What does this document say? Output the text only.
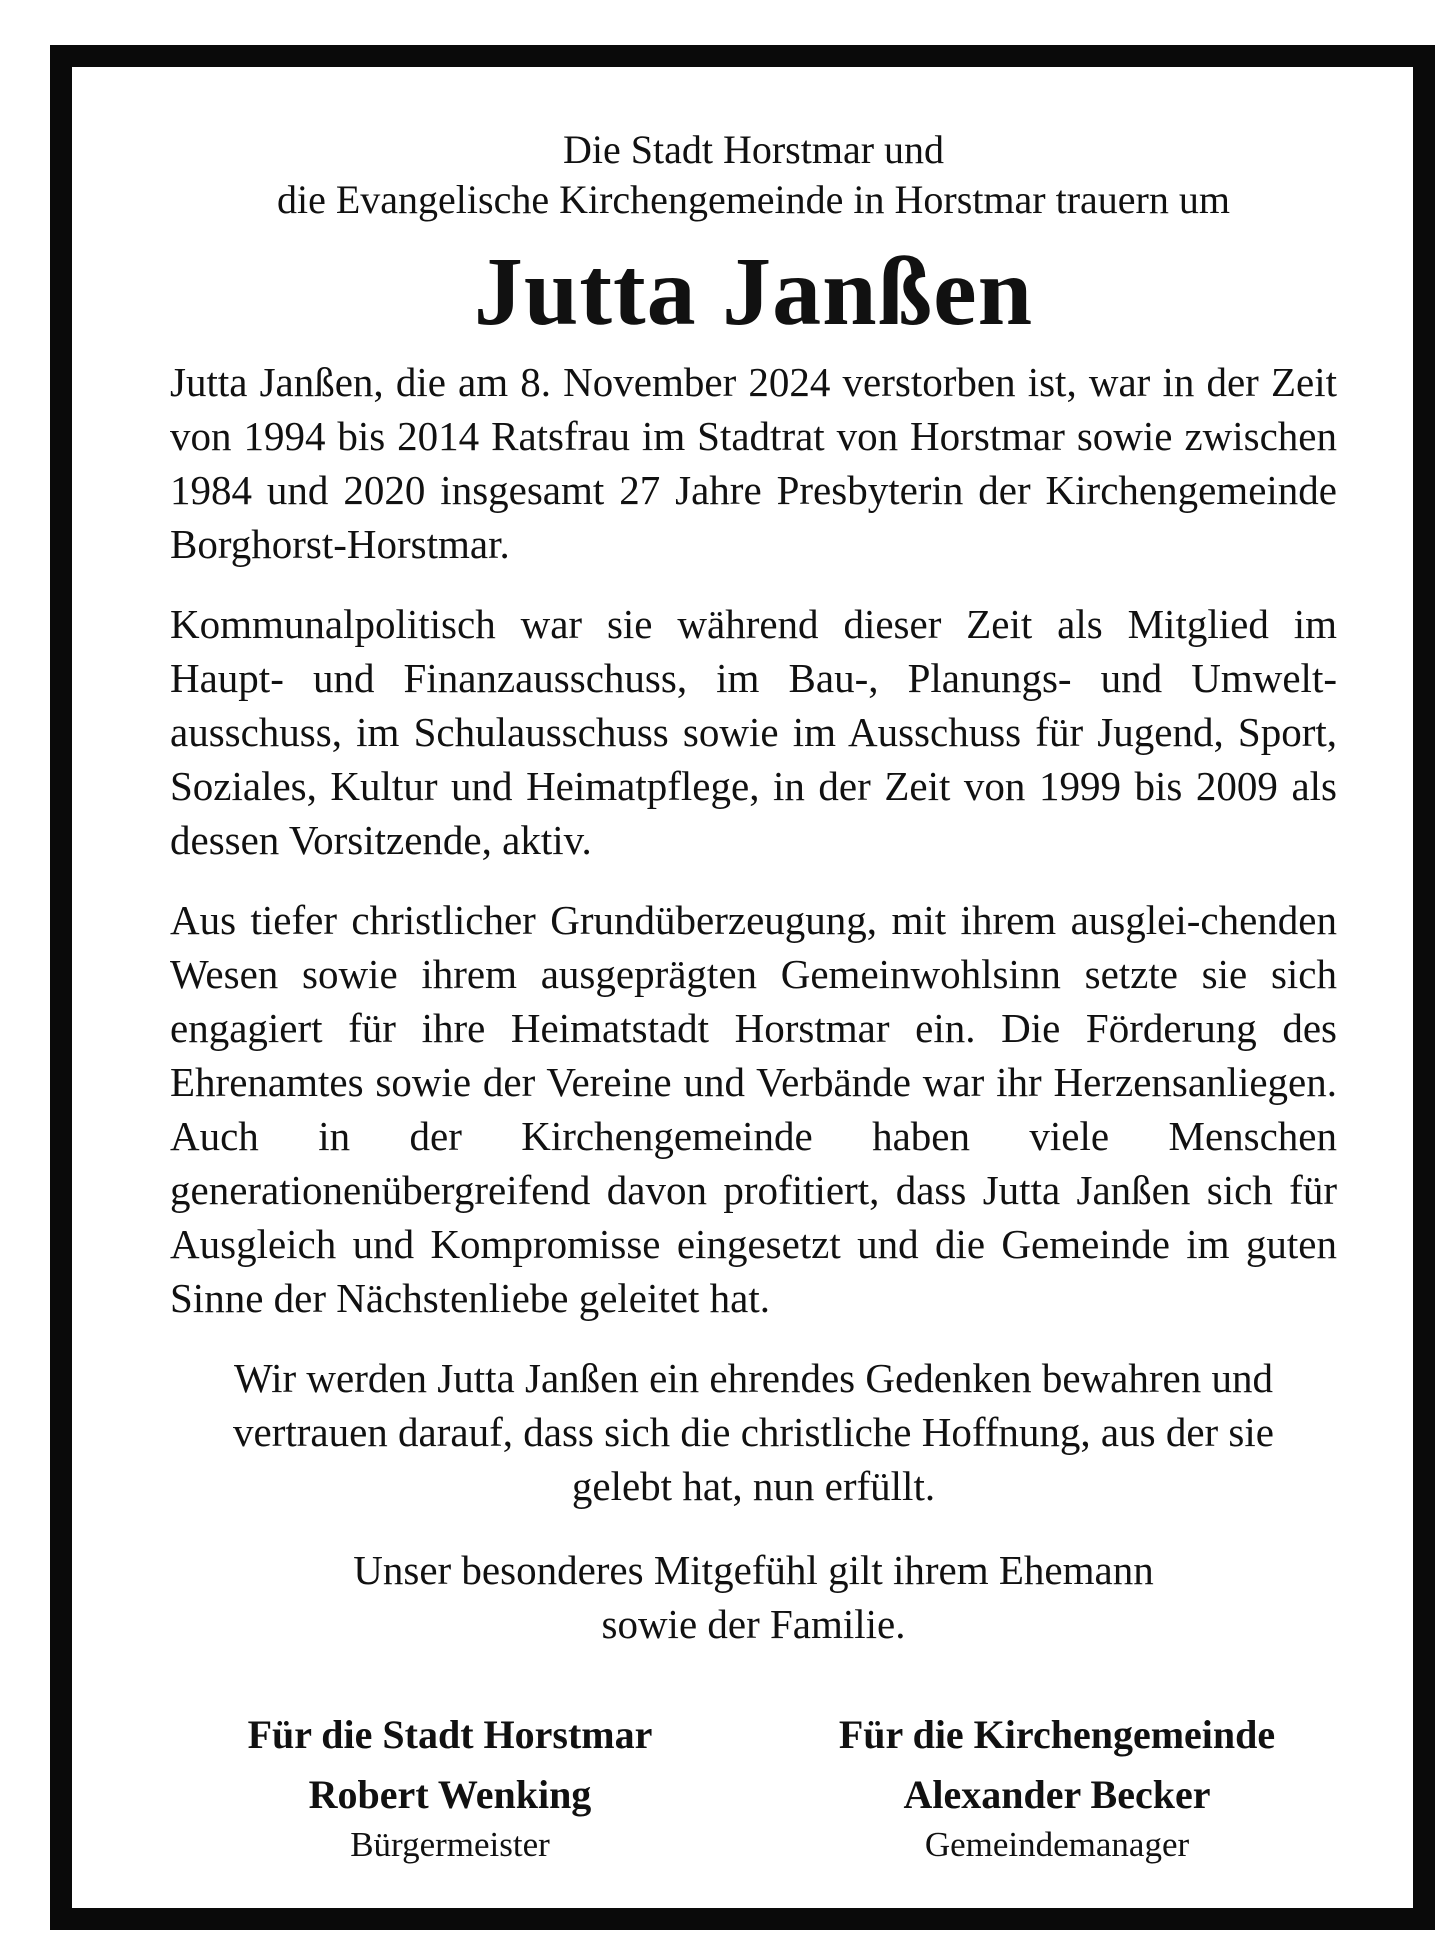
Die Stadt Horstmar und

die Evangelische Kirchengemeinde in Horstmar trauern um

Jutta Janßen

Jutta Janßen, die am 8. November 2024 verstorben ist, war in der Zeit von 1994 bis 2014 Ratsfrau im Stadtrat von Horstmar sowie zwischen 1984 und 2020 insgesamt 27 Jahre Presbyterin der Kirchengemeinde Borghorst-Horstmar.

Kommunalpolitisch war sie während dieser Zeit als Mitglied im Haupt- und Finanzausschuss, im Bau-, Planungs- und Umwelt-ausschuss, im Schulausschuss sowie im Ausschuss für Jugend, Sport, Soziales, Kultur und Heimatpflege, in der Zeit von 1999 bis 2009 als dessen Vorsitzende, aktiv.

Aus tiefer christlicher Grundüberzeugung, mit ihrem ausglei-chenden Wesen sowie ihrem ausgeprägten Gemeinwohlsinn setzte sie sich engagiert für ihre Heimatstadt Horstmar ein. Die Förderung des Ehrenamtes sowie der Vereine und Verbände war ihr Herzensanliegen. Auch in der Kirchengemeinde haben viele Menschen generationenübergreifend davon profitiert, dass Jutta Janßen sich für Ausgleich und Kompromisse eingesetzt und die Gemeinde im guten Sinne der Nächstenliebe geleitet hat.

Wir werden Jutta Janßen ein ehrendes Gedenken bewahren und vertrauen darauf, dass sich die christliche Hoffnung, aus der sie gelebt hat, nun erfüllt.

Unser besonderes Mitgefühl gilt ihrem Ehemann sowie der Familie.

Für die Stadt Horstmar

Robert Wenking

Bürgermeister

Für die Kirchengemeinde

Alexander Becker

Gemeindemanager
